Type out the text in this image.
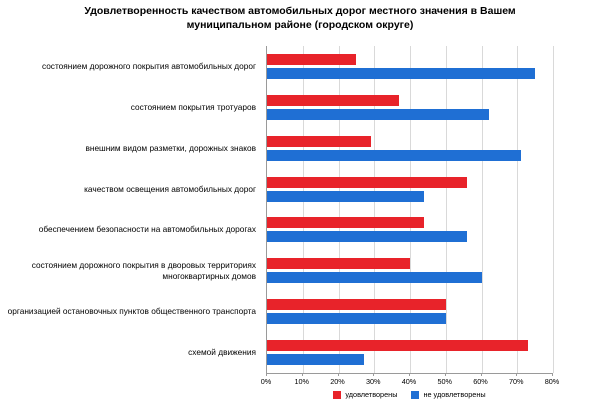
Удовлетворенность качеством автомобильных дорог местного значения в Вашем муниципальном районе (городском округе)
состоянием дорожного покрытия автомобильных дорог
состоянием покрытия тротуаров
внешним видом разметки, дорожных знаков
качеством освещения автомобильных дорог
обеспечением безопасности на автомобильных дорогах
состоянием дорожного покрытия в дворовых территориях многоквартирных домов
организацией остановочных пунктов общественного транспорта
схемой движения
0%	10%	20%	30%	40%	50%	60%	70%	80%
удовлетворены	не удовлетворены
